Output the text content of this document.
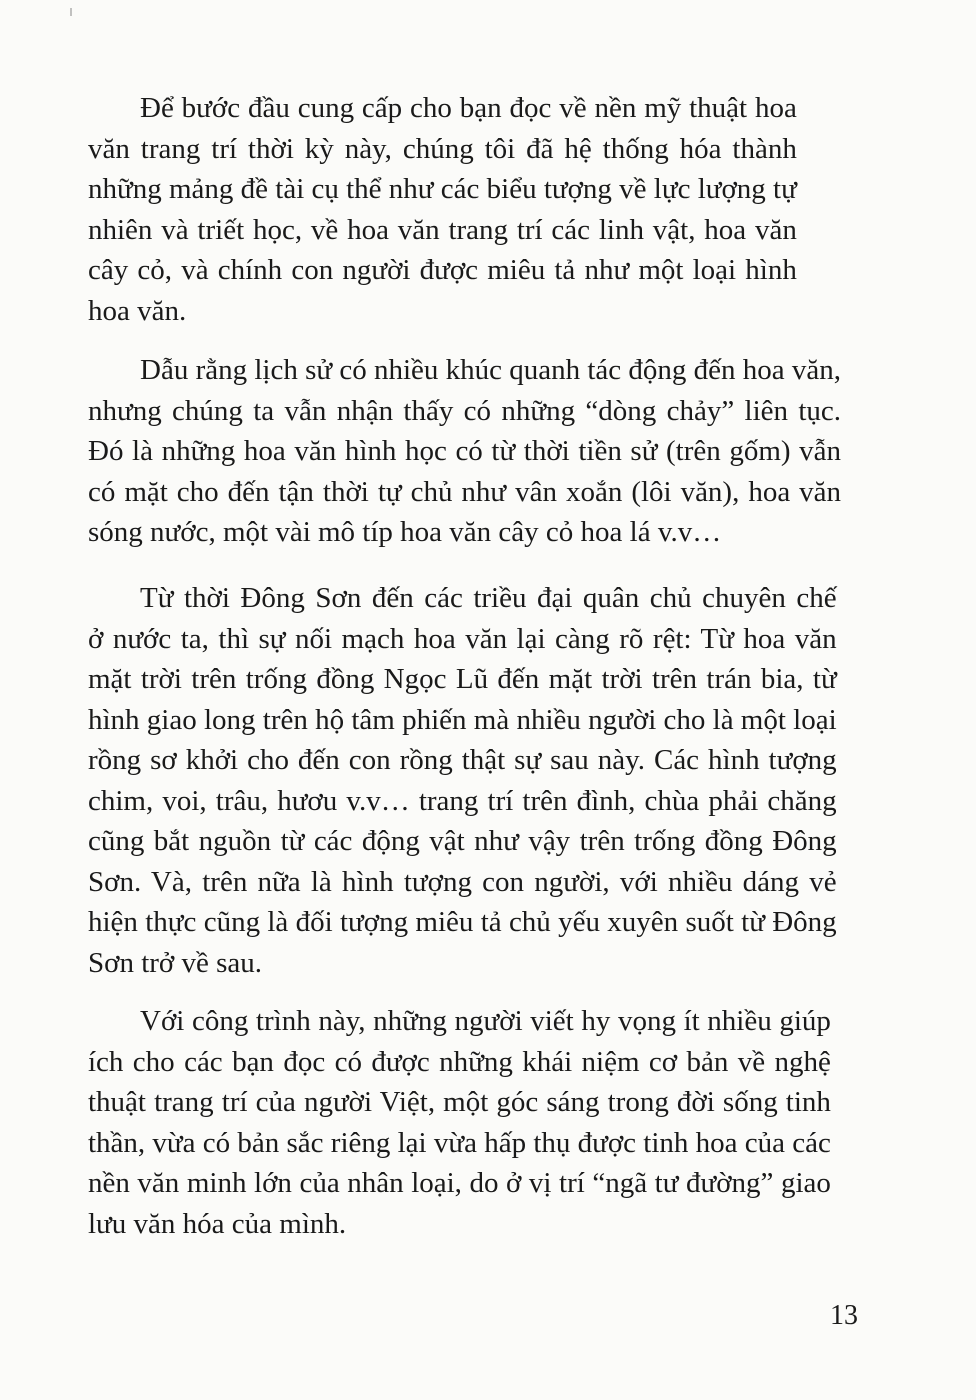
Để bước đầu cung cấp cho bạn đọc về nền mỹ thuật hoa
văn trang trí thời kỳ này, chúng tôi đã hệ thống hóa thành
những mảng đề tài cụ thể như các biểu tượng về lực lượng tự
nhiên và triết học, về hoa văn trang trí các linh vật, hoa văn
cây cỏ, và chính con người được miêu tả như một loại hình
hoa văn.
Dẫu rằng lịch sử có nhiều khúc quanh tác động đến hoa văn,
nhưng chúng ta vẫn nhận thấy có những “dòng chảy” liên tục.
Đó là những hoa văn hình học có từ thời tiền sử (trên gốm) vẫn
có mặt cho đến tận thời tự chủ như vân xoắn (lôi văn), hoa văn
sóng nước, một vài mô típ hoa văn cây cỏ hoa lá v.v…
Từ thời Đông Sơn đến các triều đại quân chủ chuyên chế
ở nước ta, thì sự nối mạch hoa văn lại càng rõ rệt: Từ hoa văn
mặt trời trên trống đồng Ngọc Lũ đến mặt trời trên trán bia, từ
hình giao long trên hộ tâm phiến mà nhiều người cho là một loại
rồng sơ khởi cho đến con rồng thật sự sau này. Các hình tượng
chim, voi, trâu, hươu v.v… trang trí trên đình, chùa phải chăng
cũng bắt nguồn từ các động vật như vậy trên trống đồng Đông
Sơn. Và, trên nữa là hình tượng con người, với nhiều dáng vẻ
hiện thực cũng là đối tượng miêu tả chủ yếu xuyên suốt từ Đông
Sơn trở về sau.
Với công trình này, những người viết hy vọng ít nhiều giúp
ích cho các bạn đọc có được những khái niệm cơ bản về nghệ
thuật trang trí của người Việt, một góc sáng trong đời sống tinh
thần, vừa có bản sắc riêng lại vừa hấp thụ được tinh hoa của các
nền văn minh lớn của nhân loại, do ở vị trí “ngã tư đường” giao
lưu văn hóa của mình.
13
